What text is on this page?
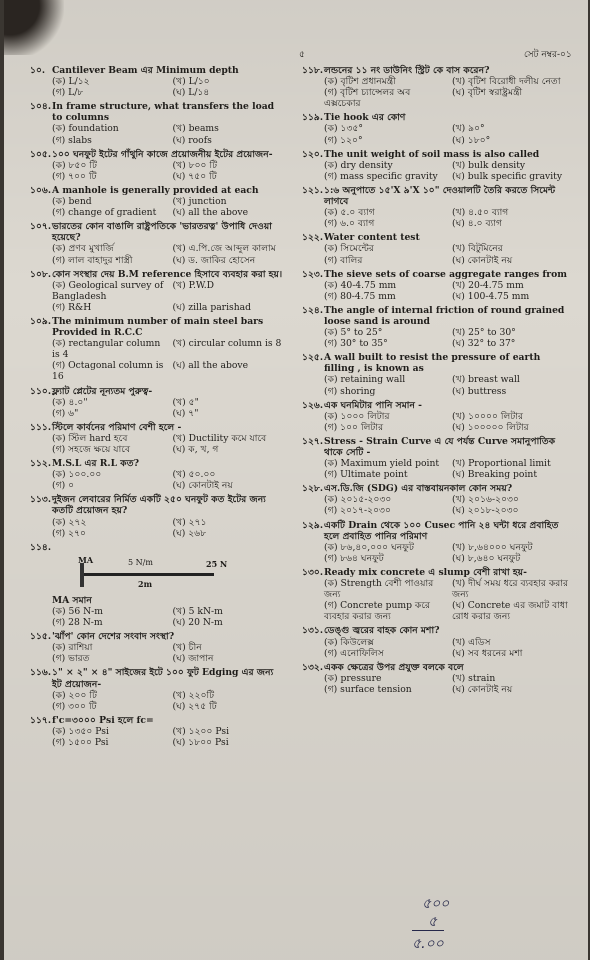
৫	সেট নম্বর-০১
১০. Cantilever Beam এর Minimum depth
(ক) L/১২	(খ) L/১০
(গ) L/৮	(ঘ) L/১৪
১০৪. In frame structure, what transfers the load to columns
(ক) foundation	(খ) beams
(গ) slabs	(ঘ) roofs
১০৫. ১০০ ঘনফুট ইটের গাঁথুনি কাজে প্রয়োজনীয় ইটের প্রয়োজন-
(ক) ৮৫০ টি	(খ) ৮০০ টি
(গ) ৭০০ টি	(ঘ) ৭৫০ টি
১০৬. A manhole is generally provided at each
(ক) bend	(খ) junction
(গ) change of gradient	(ঘ) all the above
১০৭. ভারতের কোন বাঙালি রাষ্ট্রপতিকে 'ভারতরত্ন' উপাধি দেওয়া হয়েছে?
(ক) প্রণব মুখার্জি	(খ) এ.পি.জে আব্দুল কালাম
(গ) লাল বাহাদুর শাস্ত্রী	(ঘ) ড. জাকির হোসেন
১০৮. কোন সংস্থার দেয় B.M reference হিসাবে ব্যবহার করা হয়।
(ক) Geological survey of Bangladesh
(খ) P.W.D
(গ) R&H	(ঘ) zilla parishad
১০৯. The minimum number of main steel bars Provided in R.C.C
(ক) rectangular column is 4
(খ) circular column is 8
(গ) Octagonal column is 16
(ঘ) all the above
১১০. ফ্ল্যাট প্লেটের নূন্যতম পুরুত্ব-
(ক) ৪.০"	(খ) ৫"
(গ) ৬"	(ঘ) ৭"
১১১. স্টিলে কার্বনের পরিমাণ বেশী হলে -
(ক) স্টিল hard হবে	(খ) Ductility কমে যাবে
(গ) সহজে ক্ষয়ে যাবে	(ঘ) ক, খ, গ
১১২. M.S.L এর R.L কত?
(ক) ১০০.০০	(খ) ৫০.০০
(গ) ০	(ঘ) কোনটাই নয়
১১৩. দুইজন লেবারের নির্মিত একটি ২৫০ ঘনফুট কত ইটের জন্য কতটি প্রয়োজন হয়?
(ক) ২৭২	(খ) ২৭১
(গ) ২৭০	(ঘ) ২৬৮
১১৪.
5 N/m
2m
25 N
MA
MA সমান
(ক) 56 N-m	(খ) 5 kN-m
(গ) 28 N-m	(ঘ) 20 N-m
১১৫. 'ঝাঁপ' কোন দেশের সংবাদ সংস্থা?
(ক) রাশিয়া	(খ) চীন
(গ) ভারত	(ঘ) জাপান
১১৬. ১" × ২" × ৪" সাইজের ইটে ১০০ ফুট Edging এর জন্য ইট প্রয়োজন-
(ক) ২০০ টি	(খ) ২২০টি
(গ) ৩০০ টি	(ঘ) ২৭৫ টি
১১৭. f'c=৩০০০ Psi হলে fc=
(ক) ১৩৫০ Psi	(খ) ১২০০ Psi
(গ) ১৫০০ Psi	(ঘ) ১৮০০ Psi
১১৮. লন্ডনের ১১ নং ডাউনিং স্ট্রিট কে বাস করেন?
(ক) বৃটিশ প্রধানমন্ত্রী	(খ) বৃটিশ বিরোধী দলীয় নেতা
(গ) বৃটিশ চ্যান্সেলর অব এক্সচেকার
(ঘ) বৃটিশ স্বরাষ্ট্রমন্ত্রী
১১৯. Tie hook এর কোণ
(ক) ১৩৫°	(খ) ৯০°
(গ) ১২০°	(ঘ) ১৮০°
১২০. The unit weight of soil mass is also called
(ক) dry density	(খ) bulk density
(গ) mass specific gravity	(ঘ) bulk specific gravity
১২১. ১:৬ অনুপাতে ১৫'X ৯'X ১০" দেওয়ালটি তৈরি করতে সিমেন্ট লাগবে
(ক) ৫.০ ব্যাগ	(খ) ৪.৫০ ব্যাগ
(গ) ৬.০ ব্যাগ	(ঘ) ৪.০ ব্যাগ
১২২. Water content test
(ক) সিমেন্টের	(খ) বিটুমিনের
(গ) বালির	(ঘ) কোনটাই নয়
১২৩. The sieve sets of coarse aggregate ranges from
(ক) 40-4.75 mm	(খ) 20-4.75 mm
(গ) 80-4.75 mm	(ঘ) 100-4.75 mm
১২৪. The angle of internal friction of round grained loose sand is around
(ক) 5° to 25°	(খ) 25° to 30°
(গ) 30° to 35°	(ঘ) 32° to 37°
১২৫. A wall built to resist the pressure of earth filling , is known as
(ক) retaining wall	(খ) breast wall
(গ) shoring	(ঘ) buttress
১২৬. এক ঘনমিটার পানি সমান -
(ক) ১০০০ লিটার	(খ) ১০০০০ লিটার
(গ) ১০০ লিটার	(ঘ) ১০০০০০ লিটার
১২৭. Stress - Strain Curve এ যে পর্যন্ত Curve সমানুপাতিক থাকে সেটি -
(ক) Maximum yield point	(খ) Proportional limit
(গ) Ultimate point	(ঘ) Breaking point
১২৮. এস.ডি.জি (SDG) এর বাস্তবায়নকাল কোন সময়?
(ক) ২০১৫-২০৩০	(খ) ২০১৬-২০৩০
(গ) ২০১৭-২০৩০	(ঘ) ২০১৮-২০৩০
১২৯. একটি Drain থেকে ১০০ Cusec পানি ২৪ ঘন্টা ধরে প্রবাহিত হলে প্রবাহিত পানির পরিমাণ
(ক) ৮৬,৪০,০০০ ঘনফুট	(খ) ৮,৬৪০০০ ঘনফুট
(গ) ৮৬৪ ঘনফুট	(ঘ) ৮,৬৪০ ঘনফুট
১৩০. Ready mix concrete এ slump বেশী রাখা হয়-
(ক) Strength বেশী পাওয়ার জন্য
(খ) দীর্ঘ সময় ধরে ব্যবহার করার জন্য
(গ) Concrete pump করে ব্যবহার করার জন্য
(ঘ) Concrete এর জমাট বাধা রোধ করার জন্য
১৩১. ডেঙ্গু জ্বরের বাহক কোন মশা?
(ক) কিউলেক্স	(খ) এডিস
(গ) এনোফিলিস	(ঘ) সব ধরনের মশা
১৩২. একক ক্ষেত্রের উপর প্রযুক্ত বলকে বলে
(ক) pressure	(খ) strain
(গ) surface tension	(ঘ) কোনটাই নয়
৫০০
৫
৫.০০
